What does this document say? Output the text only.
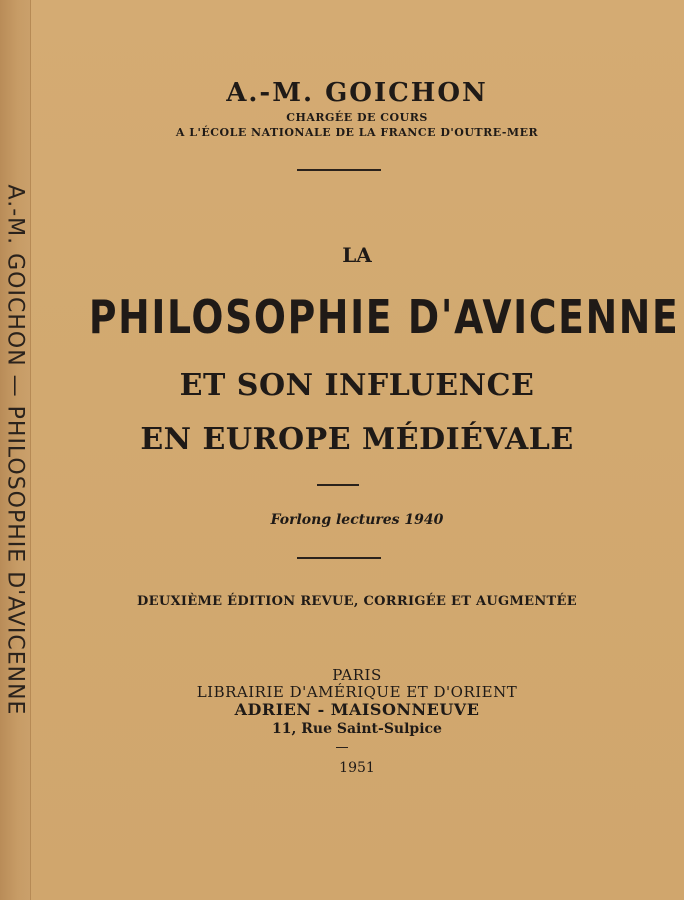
A.-M. GOICHON — PHILOSOPHIE D'AVICENNE
A.-M. GOICHON
CHARGÉE DE COURS
A L'ÉCOLE NATIONALE DE LA FRANCE D'OUTRE-MER
LA
PHILOSOPHIE D'AVICENNE
ET SON INFLUENCE
EN EUROPE MÉDIÉVALE
Forlong lectures 1940
DEUXIÈME ÉDITION REVUE, CORRIGÉE ET AUGMENTÉE
PARIS
LIBRAIRIE D'AMÉRIQUE ET D'ORIENT
ADRIEN - MAISONNEUVE
11, Rue Saint-Sulpice
1951
